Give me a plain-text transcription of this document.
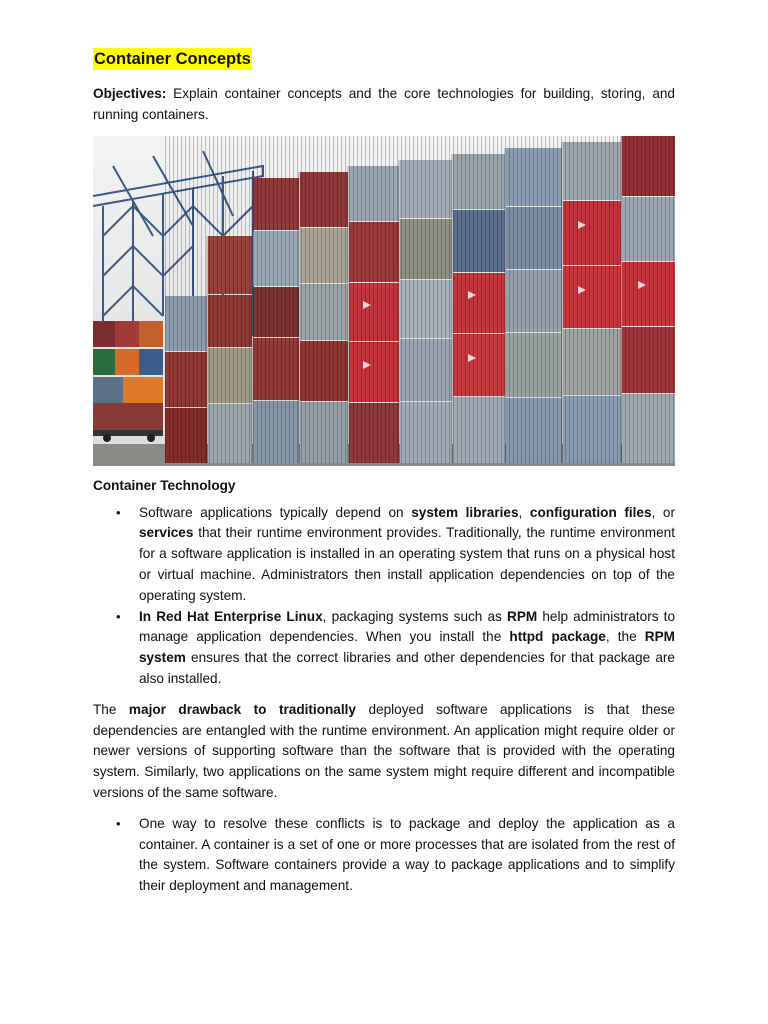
Container Concepts

Objectives: Explain container concepts and the core technologies for building, storing, and running containers.

Container Technology
• Software applications typically depend on system libraries, configuration files, or services that their runtime environment provides. Traditionally, the runtime environment for a software application is installed in an operating system that runs on a physical host or virtual machine. Administrators then install application dependencies on top of the operating system.
• In Red Hat Enterprise Linux, packaging systems such as RPM help administrators to manage application dependencies. When you install the httpd package, the RPM system ensures that the correct libraries and other dependencies for that package are also installed.

The major drawback to traditionally deployed software applications is that these dependencies are entangled with the runtime environment. An application might require older or newer versions of supporting software than the software that is provided with the operating system. Similarly, two applications on the same system might require different and incompatible versions of the same software.

• One way to resolve these conflicts is to package and deploy the application as a container. A container is a set of one or more processes that are isolated from the rest of the system. Software containers provide a way to package applications and to simplify their deployment and management.
